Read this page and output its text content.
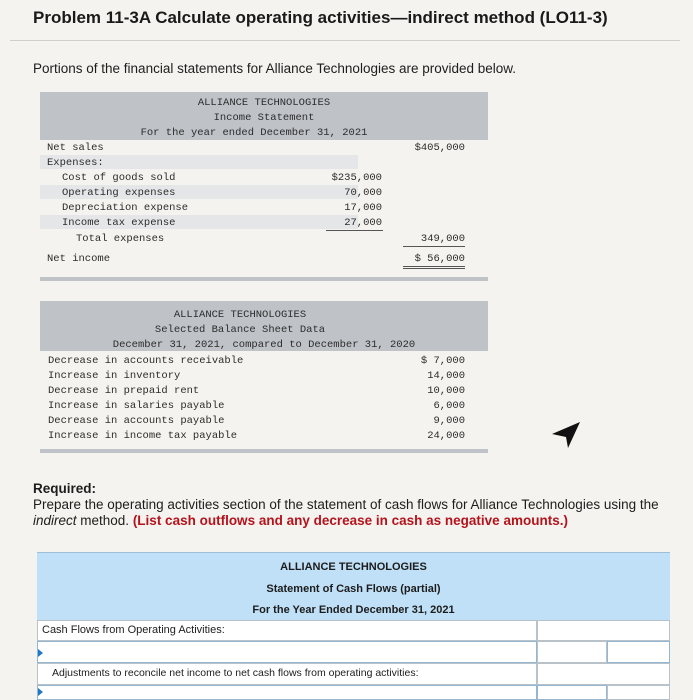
Problem 11-3A Calculate operating activities—indirect method (LO11-3)
Portions of the financial statements for Alliance Technologies are provided below.
ALLIANCE TECHNOLOGIES
Income Statement
For the year ended December 31, 2021
Net sales	$405,000
Expenses:
Cost of goods sold	$235,000
Operating expenses	70,000
Depreciation expense	17,000
Income tax expense	27,000
Total expenses	349,000
Net income	$ 56,000
ALLIANCE TECHNOLOGIES
Selected Balance Sheet Data
December 31, 2021, compared to December 31, 2020
Decrease in accounts receivable	$ 7,000
Increase in inventory	14,000
Decrease in prepaid rent	10,000
Increase in salaries payable	6,000
Decrease in accounts payable	9,000
Increase in income tax payable	24,000
Required:
Prepare the operating activities section of the statement of cash flows for Alliance Technologies using the indirect method. (List cash outflows and any decrease in cash as negative amounts.)
ALLIANCE TECHNOLOGIES
Statement of Cash Flows (partial)
For the Year Ended December 31, 2021
Cash Flows from Operating Activities:
Adjustments to reconcile net income to net cash flows from operating activities:
